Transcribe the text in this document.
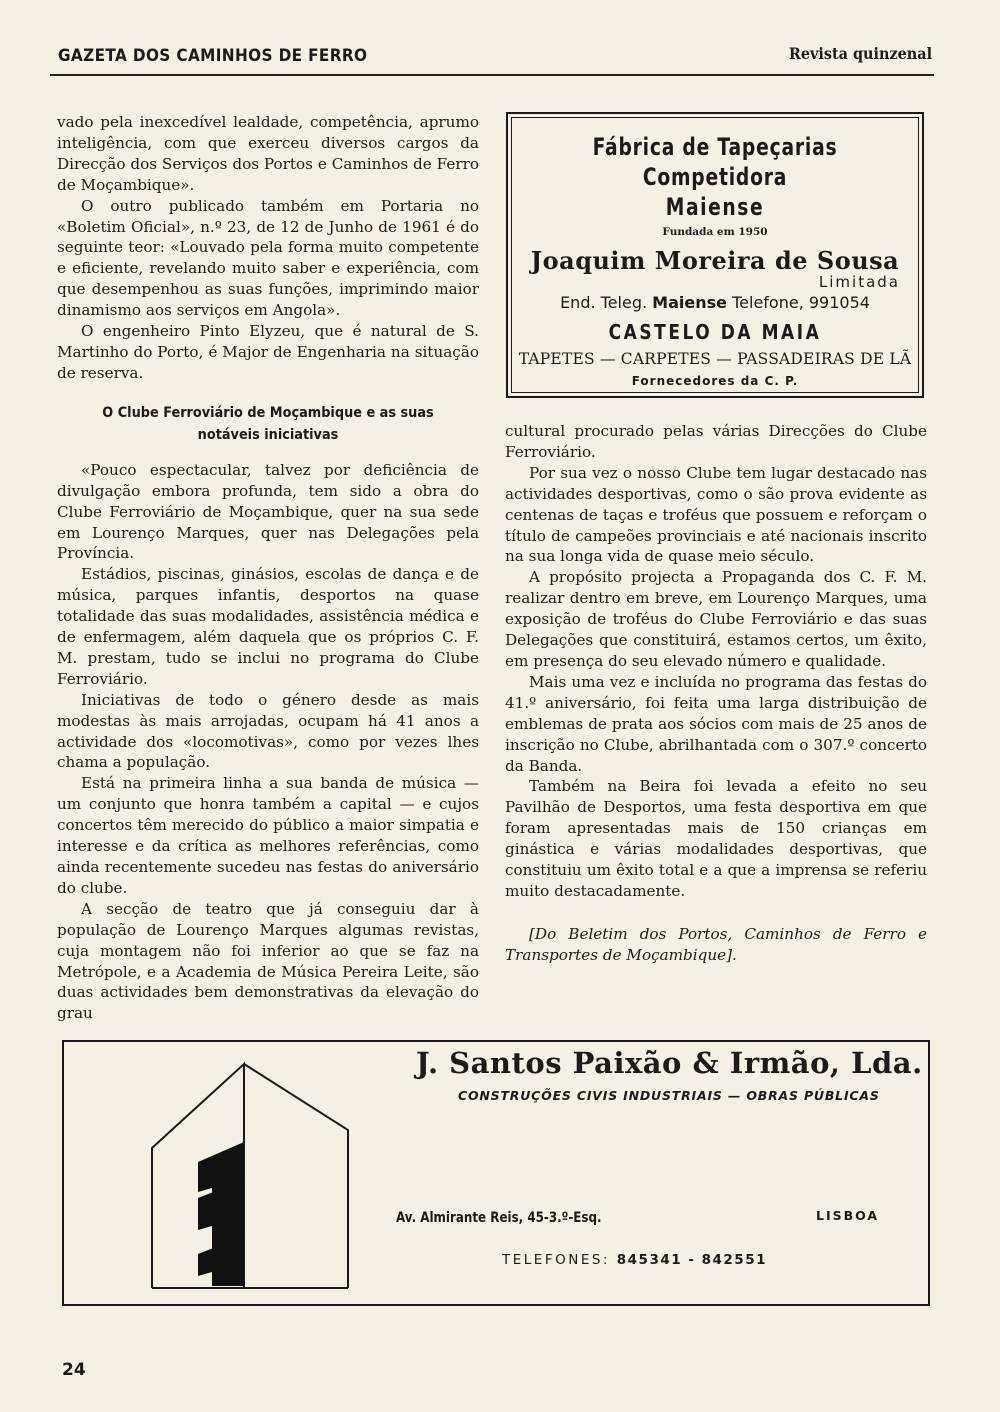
GAZETA DOS CAMINHOS DE FERRO	Revista quinzenal

vado pela inexcedível lealdade, competência, aprumo inteligência, com que exerceu diversos cargos da Direcção dos Serviços dos Portos e Caminhos de Ferro de Moçambique».

O outro publicado também em Portaria no «Boletim Oficial», n.º 23, de 12 de Junho de 1961 é do seguinte teor: «Louvado pela forma muito competente e eficiente, revelando muito saber e experiência, com que desempenhou as suas funções, imprimindo maior dinamismo aos serviços em Angola».

O engenheiro Pinto Elyzeu, que é natural de S. Martinho do Porto, é Major de Engenharia na situação de reserva.

O Clube Ferroviário de Moçambique e as suas notáveis iniciativas

«Pouco espectacular, talvez por deficiência de divulgação embora profunda, tem sido a obra do Clube Ferroviário de Moçambique, quer na sua sede em Lourenço Marques, quer nas Delegações pela Província.

Estádios, piscinas, ginásios, escolas de dança e de música, parques infantis, desportos na quase totalidade das suas modalidades, assistência médica e de enfermagem, além daquela que os próprios C. F. M. prestam, tudo se inclui no programa do Clube Ferroviário.

Iniciativas de todo o género desde as mais modestas às mais arrojadas, ocupam há 41 anos a actividade dos «locomotivas», como por vezes lhes chama a população.

Está na primeira linha a sua banda de música — um conjunto que honra também a capital — e cujos concertos têm merecido do público a maior simpatia e interesse e da crítica as melhores referências, como ainda recentemente sucedeu nas festas do aniversário do clube.

A secção de teatro que já conseguiu dar à população de Lourenço Marques algumas revistas, cuja montagem não foi inferior ao que se faz na Metrópole, e a Academia de Música Pereira Leite, são duas actividades bem demonstrativas da elevação do grau

Fábrica de Tapeçarias Competidora
Maiense
Fundada em 1950
Joaquim Moreira de Sousa
Limitada
End. Teleg. Maiense Telefone, 991054
CASTELO DA MAIA
TAPETES — CARPETES — PASSADEIRAS DE LÃ
Fornecedores da C. P.

cultural procurado pelas várias Direcções do Clube Ferroviário.

Por sua vez o nosso Clube tem lugar destacado nas actividades desportivas, como o são prova evidente as centenas de taças e troféus que possuem e reforçam o título de campeões provinciais e até nacionais inscrito na sua longa vida de quase meio século.

A propósito projecta a Propaganda dos C. F. M. realizar dentro em breve, em Lourenço Marques, uma exposição de troféus do Clube Ferroviário e das suas Delegações que constituirá, estamos certos, um êxito, em presença do seu elevado número e qualidade.

Mais uma vez e incluída no programa das festas do 41.º aniversário, foi feita uma larga distribuição de emblemas de prata aos sócios com mais de 25 anos de inscrição no Clube, abrilhantada com o 307.º concerto da Banda.

Também na Beira foi levada a efeito no seu Pavilhão de Desportos, uma festa desportiva em que foram apresentadas mais de 150 crianças em ginástica e várias modalidades desportivas, que constituiu um êxito total e a que a imprensa se referiu muito destacadamente.

[Do Beletim dos Portos, Caminhos de Ferro e Transportes de Moçambique].

J. Santos Paixão & Irmão, Lda.
CONSTRUÇÕES CIVIS INDUSTRIAIS — OBRAS PÚBLICAS
Av. Almirante Reis, 45-3.º-Esq.	LISBOA
TELEFONES: 845341 - 842551
24
